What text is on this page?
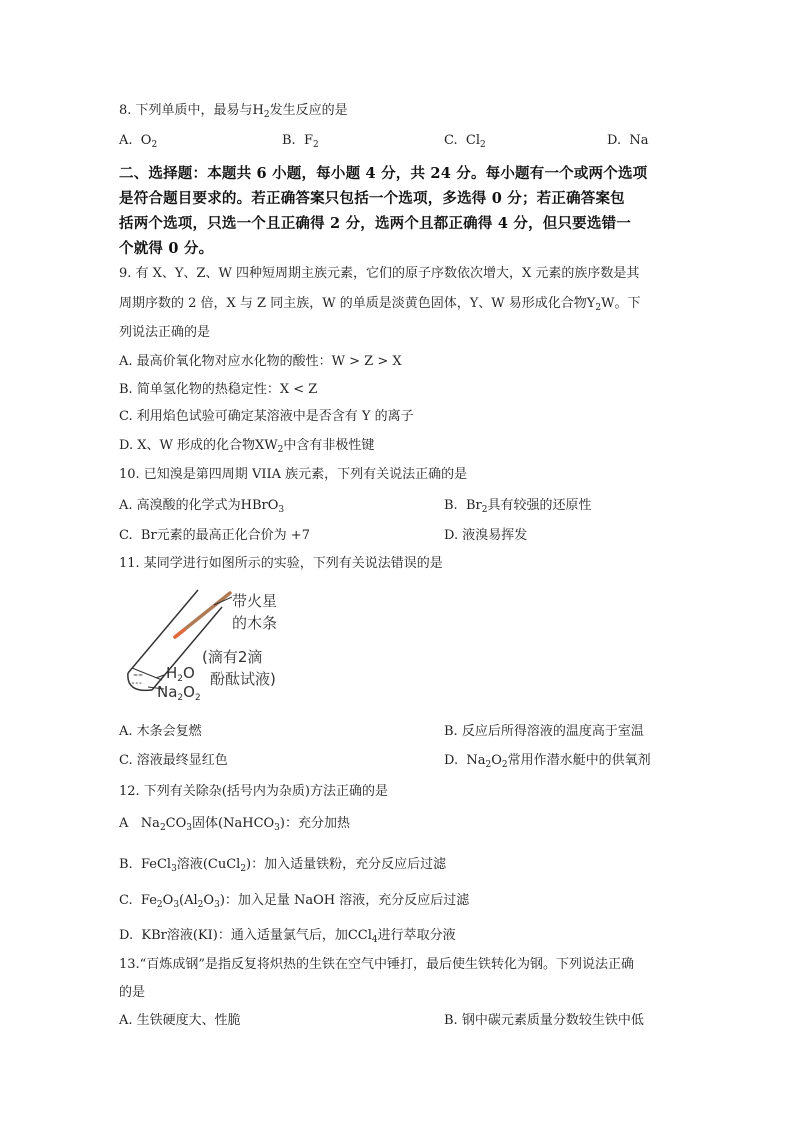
8. 下列单质中，最易与$H_2$发生反应的是
A. $O_2$	B. $F_2$	C. $Cl_2$	D. Na
二、选择题：本题共 6 小题，每小题 4 分，共 24 分。每小题有一个或两个选项
是符合题目要求的。若正确答案只包括一个选项，多选得 0 分；若正确答案包
括两个选项，只选一个且正确得 2 分，选两个且都正确得 4 分，但只要选错一
个就得 0 分。
9. 有 X、Y、Z、W 四种短周期主族元素，它们的原子序数依次增大，X 元素的族序数是其
周期序数的 2 倍，X 与 Z 同主族，W 的单质是淡黄色固体，Y、W 易形成化合物$Y_2W$。下
列说法正确的是
A. 最高价氧化物对应水化物的酸性：W > Z > X
B. 简单氢化物的热稳定性：X < Z
C. 利用焰色试验可确定某溶液中是否含有 Y 的离子
D. X、W 形成的化合物$XW_2$中含有非极性键
10. 已知溴是第四周期 VIIA 族元素，下列有关说法正确的是
A. 高溴酸的化学式为HBrO$_3$	B. $Br_2$具有较强的还原性
C. Br元素的最高正化合价为 +7	D. 液溴易挥发
11. 某同学进行如图所示的实验，下列有关说法错误的是
≈≈
∘∘∘
带火星
的木条
(滴有2滴
酚酞试液)
$H_2O$
$Na_2O_2$
A. 木条会复燃	B. 反应后所得溶液的温度高于室温
C. 溶液最终显红色	D. $Na_2O_2$常用作潜水艇中的供氧剂
12. 下列有关除杂(括号内为杂质)方法正确的是
A $Na_2CO_3$固体(NaHCO$_3$)：充分加热
B. FeCl$_3$溶液(CuCl$_2$)：加入适量铁粉，充分反应后过滤
C. $Fe_2O_3(Al_2O_3)$：加入足量 NaOH 溶液，充分反应后过滤
D. KBr溶液(KI)：通入适量氯气后，加CCl$_4$进行萃取分液
13.“百炼成钢”是指反复将炽热的生铁在空气中锤打，最后使生铁转化为钢。下列说法正确
的是
A. 生铁硬度大、性脆	B. 钢中碳元素质量分数较生铁中低
